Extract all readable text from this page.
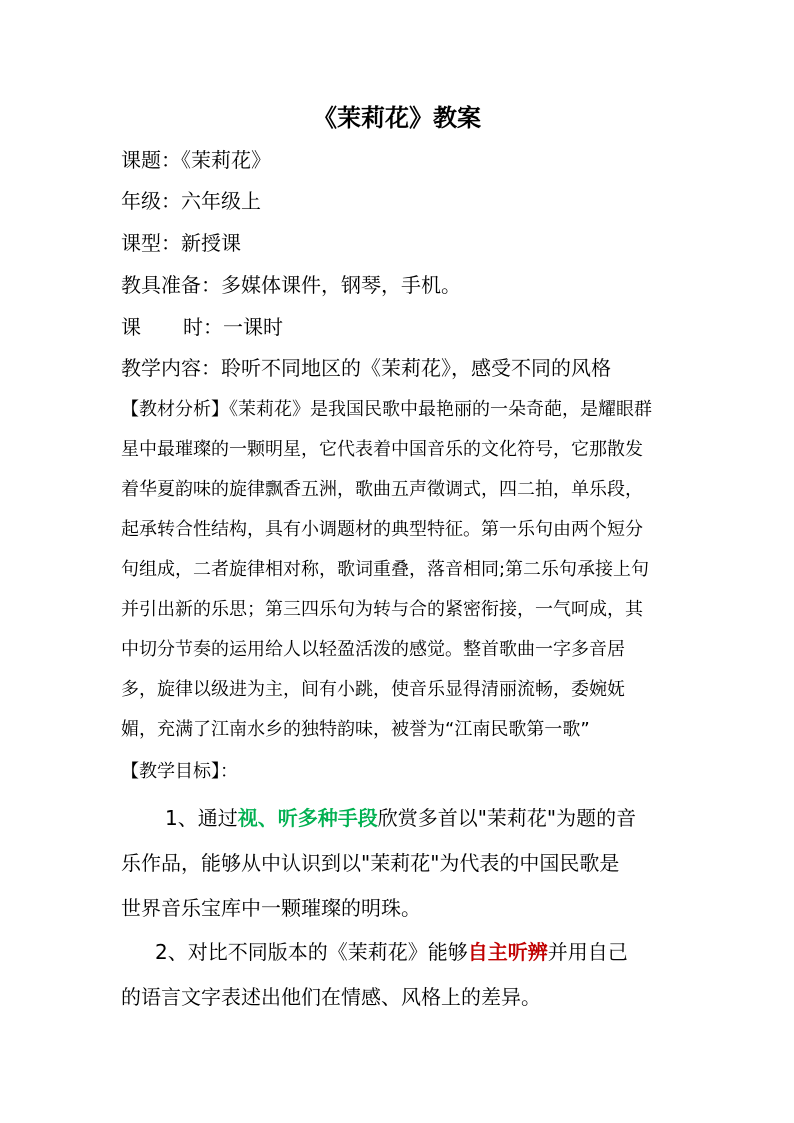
《茉莉花》教案
课题：《茉莉花》
年级：六年级上
课型：新授课
教具准备：多媒体课件，钢琴，手机。
课 时：一课时
教学内容：聆听不同地区的《茉莉花》，感受不同的风格
【教材分析】《茉莉花》是我国民歌中最艳丽的一朵奇葩，是耀眼群
星中最璀璨的一颗明星，它代表着中国音乐的文化符号，它那散发
着华夏韵味的旋律飘香五洲，歌曲五声徵调式，四二拍，单乐段，
起承转合性结构，具有小调题材的典型特征。第一乐句由两个短分
句组成，二者旋律相对称，歌词重叠，落音相同;第二乐句承接上句
并引出新的乐思；第三四乐句为转与合的紧密衔接，一气呵成，其
中切分节奏的运用给人以轻盈活泼的感觉。整首歌曲一字多音居
多，旋律以级进为主，间有小跳，使音乐显得清丽流畅，委婉妩
媚，充满了江南水乡的独特韵味，被誉为“江南民歌第一歌”
【教学目标】：
1、通过视、听多种手段欣赏多首以"茉莉花"为题的音
乐作品，能够从中认识到以"茉莉花"为代表的中国民歌是
世界音乐宝库中一颗璀璨的明珠。
2、对比不同版本的《茉莉花》能够自主听辨并用自己
的语言文字表述出他们在情感、风格上的差异。
